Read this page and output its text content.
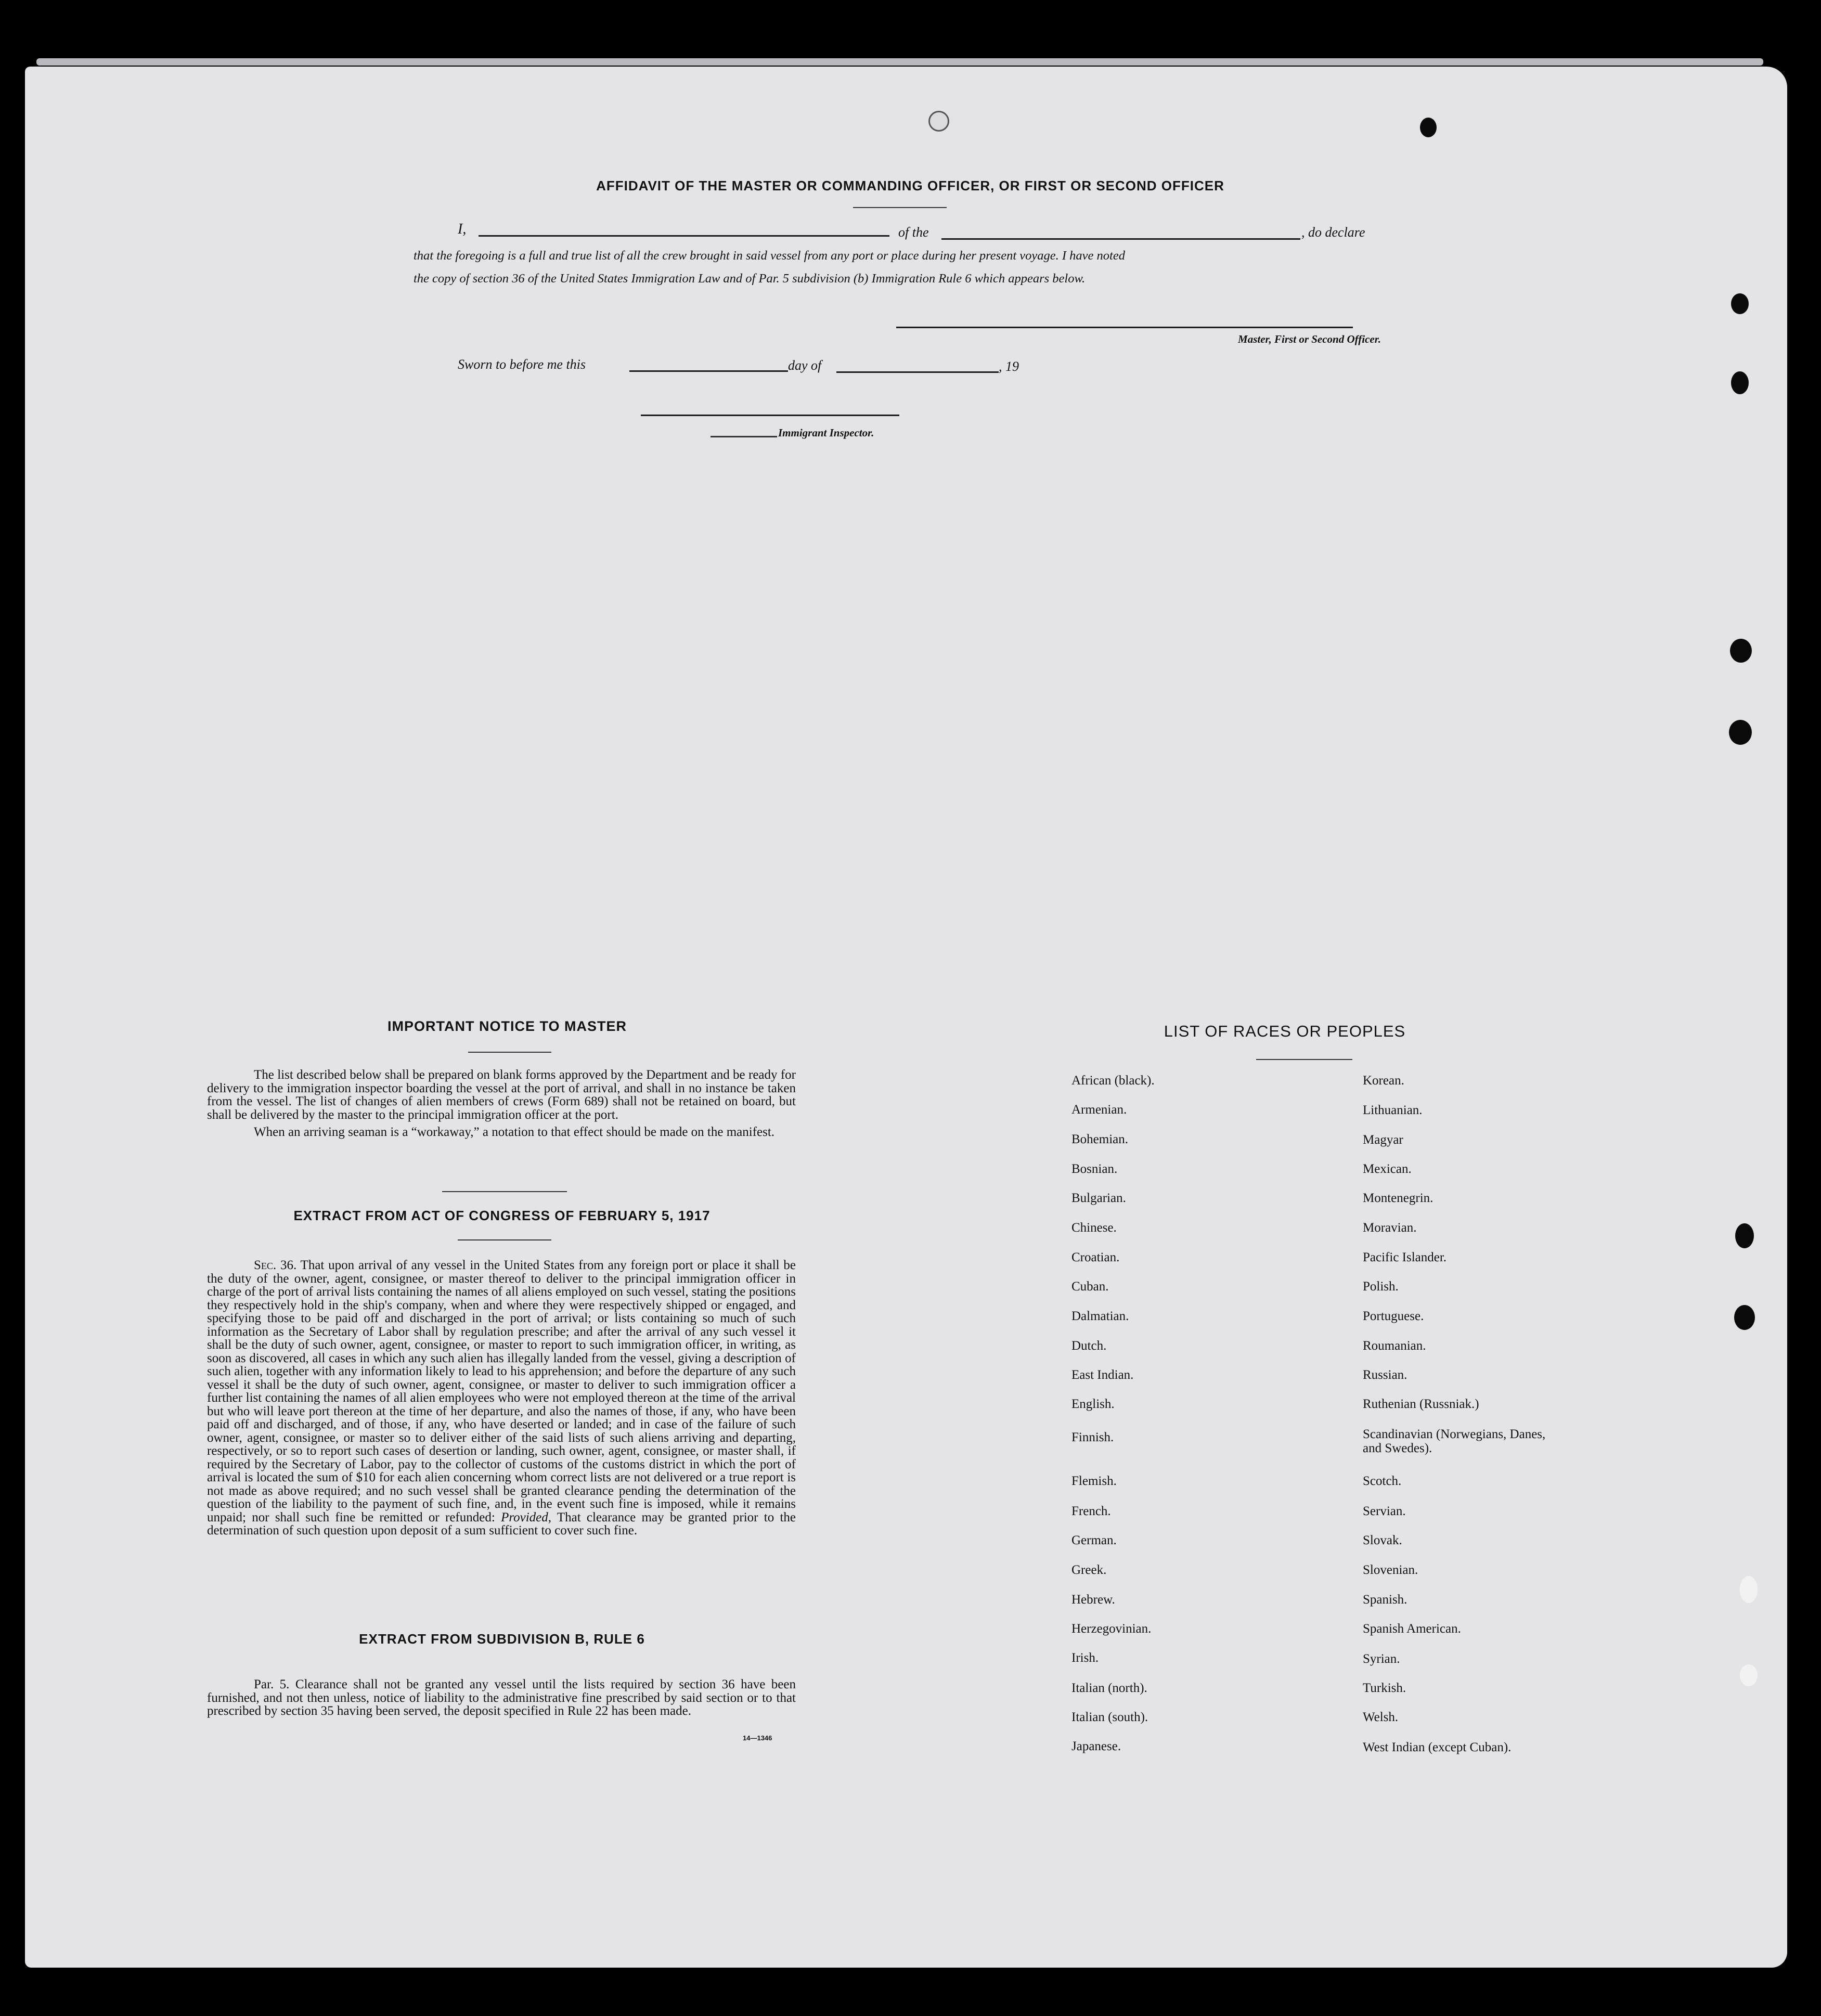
AFFIDAVIT OF THE MASTER OR COMMANDING OFFICER, OR FIRST OR SECOND OFFICER
I,	of the	, do declare
that the foregoing is a full and true list of all the crew brought in said vessel from any port or place during her present voyage. I have noted
the copy of section 36 of the United States Immigration Law and of Par. 5 subdivision (b) Immigration Rule 6 which appears below.
Master, First or Second Officer.
Sworn to before me this	day of	, 19
Immigrant Inspector.
IMPORTANT NOTICE TO MASTER

The list described below shall be prepared on blank forms approved by the Department and be ready for delivery to the immigration inspector boarding the vessel at the port of arrival, and shall in no instance be taken from the vessel. The list of changes of alien members of crews (Form 689) shall not be retained on board, but shall be delivered by the master to the principal immigration officer at the port.

When an arriving seaman is a “workaway,” a notation to that effect should be made on the manifest.

EXTRACT FROM ACT OF CONGRESS OF FEBRUARY 5, 1917

Sec. 36. That upon arrival of any vessel in the United States from any foreign port or place it shall be the duty of the owner, agent, consignee, or master thereof to deliver to the principal immigration officer in charge of the port of arrival lists containing the names of all aliens employed on such vessel, stating the positions they respectively hold in the ship's company, when and where they were respectively shipped or engaged, and specifying those to be paid off and discharged in the port of arrival; or lists containing so much of such information as the Secretary of Labor shall by regulation prescribe; and after the arrival of any such vessel it shall be the duty of such owner, agent, consignee, or master to report to such immigration officer, in writing, as soon as discovered, all cases in which any such alien has illegally landed from the vessel, giving a description of such alien, together with any information likely to lead to his apprehension; and before the departure of any such vessel it shall be the duty of such owner, agent, consignee, or master to deliver to such immigration officer a further list containing the names of all alien employees who were not employed thereon at the time of the arrival but who will leave port thereon at the time of her departure, and also the names of those, if any, who have been paid off and discharged, and of those, if any, who have deserted or landed; and in case of the failure of such owner, agent, consignee, or master so to deliver either of the said lists of such aliens arriving and departing, respectively, or so to report such cases of desertion or landing, such owner, agent, consignee, or master shall, if required by the Secretary of Labor, pay to the collector of customs of the customs district in which the port of arrival is located the sum of $10 for each alien concerning whom correct lists are not delivered or a true report is not made as above required; and no such vessel shall be granted clearance pending the determination of the question of the liability to the payment of such fine, and, in the event such fine is imposed, while it remains unpaid; nor shall such fine be remitted or refunded: Provided, That clearance may be granted prior to the determination of such question upon deposit of a sum sufficient to cover such fine.

EXTRACT FROM SUBDIVISION B, RULE 6

Par. 5. Clearance shall not be granted any vessel until the lists required by section 36 have been furnished, and not then unless, notice of liability to the administrative fine prescribed by said section or to that prescribed by section 35 having been served, the deposit specified in Rule 22 has been made.

14—1346
LIST OF RACES OR PEOPLES
African (black).
Armenian.
Bohemian.
Bosnian.
Bulgarian.
Chinese.
Croatian.
Cuban.
Dalmatian.
Dutch.
East Indian.
English.
Finnish.
Flemish.
French.
German.
Greek.
Hebrew.
Herzegovinian.
Irish.
Italian (north).
Italian (south).
Japanese.
Korean.
Lithuanian.
Magyar
Mexican.
Montenegrin.
Moravian.
Pacific Islander.
Polish.
Portuguese.
Roumanian.
Russian.
Ruthenian (Russniak.)
Scandinavian (Norwegians, Danes, and Swedes).
Scotch.
Servian.
Slovak.
Slovenian.
Spanish.
Spanish American.
Syrian.
Turkish.
Welsh.
West Indian (except Cuban).
